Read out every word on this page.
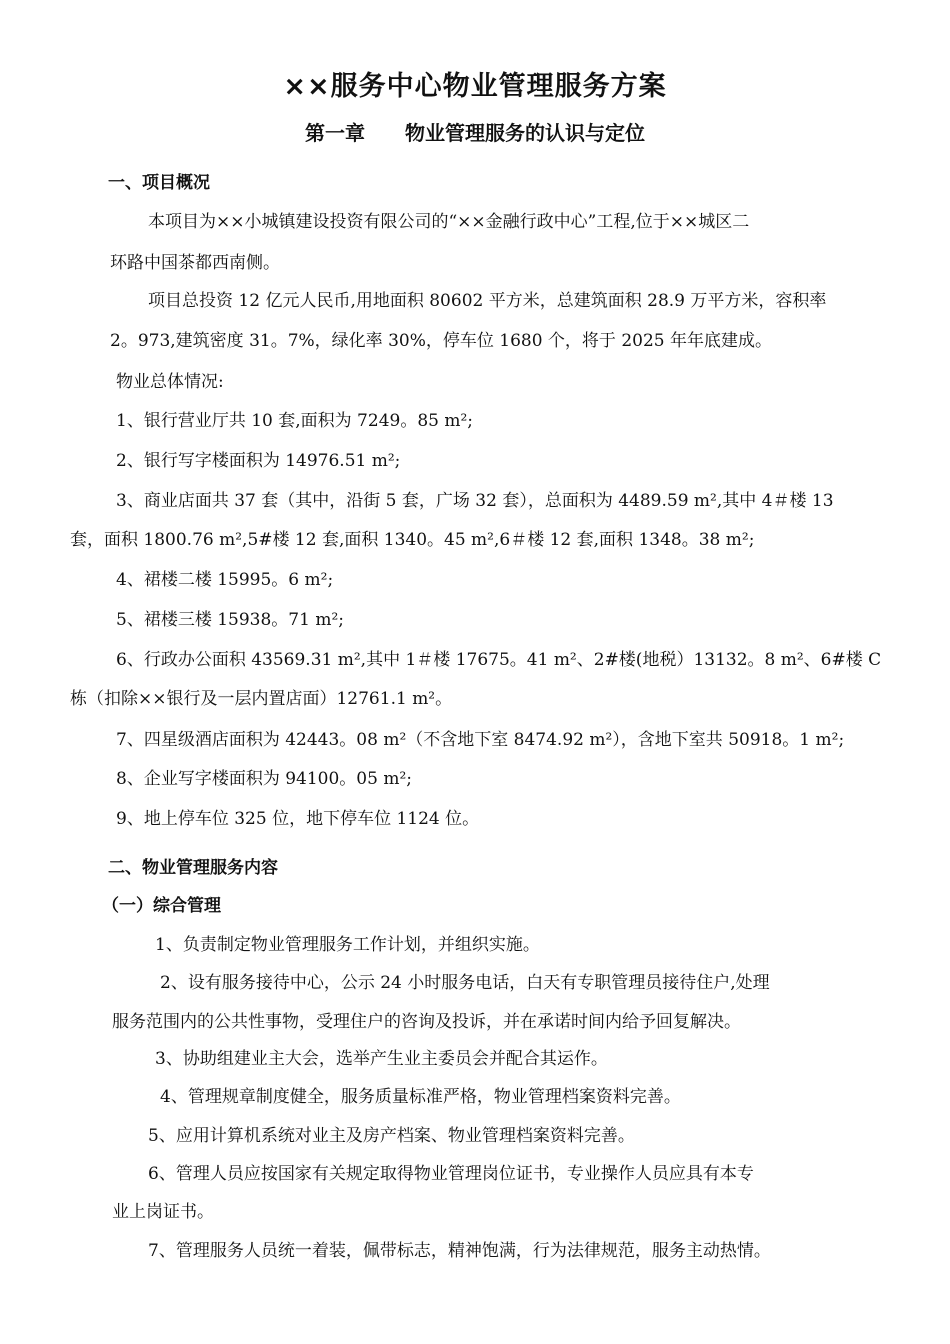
××服务中心物业管理服务方案
第一章　　物业管理服务的认识与定位
一、项目概况
本项目为××小城镇建设投资有限公司的“××金融行政中心”工程,位于××城区二
环路中国茶都西南侧。
项目总投资 12 亿元人民币,用地面积 80602 平方米，总建筑面积 28.9 万平方米，容积率
2。973,建筑密度 31。7%，绿化率 30%，停车位 1680 个，将于 2025 年年底建成。
物业总体情况:
1、银行营业厅共 10 套,面积为 7249。85 m²;
2、银行写字楼面积为 14976.51 m²;
3、商业店面共 37 套（其中，沿街 5 套，广场 32 套），总面积为 4489.59 m²,其中 4＃楼 13
套，面积 1800.76 m²,5#楼 12 套,面积 1340。45 m²,6＃楼 12 套,面积 1348。38 m²;
4、裙楼二楼 15995。6 m²;
5、裙楼三楼 15938。71 m²;
6、行政办公面积 43569.31 m²,其中 1＃楼 17675。41 m²、2#楼(地税）13132。8 m²、6#楼 C
栋（扣除××银行及一层内置店面）12761.1 m²。
7、四星级酒店面积为 42443。08 m²（不含地下室 8474.92 m²），含地下室共 50918。1 m²;
8、企业写字楼面积为 94100。05 m²;
9、地上停车位 325 位，地下停车位 1124 位。
二、物业管理服务内容
（一）综合管理
1、负责制定物业管理服务工作计划，并组织实施。
2、设有服务接待中心，公示 24 小时服务电话，白天有专职管理员接待住户,处理
服务范围内的公共性事物，受理住户的咨询及投诉，并在承诺时间内给予回复解决。
3、协助组建业主大会，选举产生业主委员会并配合其运作。
4、管理规章制度健全，服务质量标准严格，物业管理档案资料完善。
5、应用计算机系统对业主及房产档案、物业管理档案资料完善。
6、管理人员应按国家有关规定取得物业管理岗位证书，专业操作人员应具有本专
业上岗证书。
7、管理服务人员统一着装，佩带标志，精神饱满，行为法律规范，服务主动热情。
